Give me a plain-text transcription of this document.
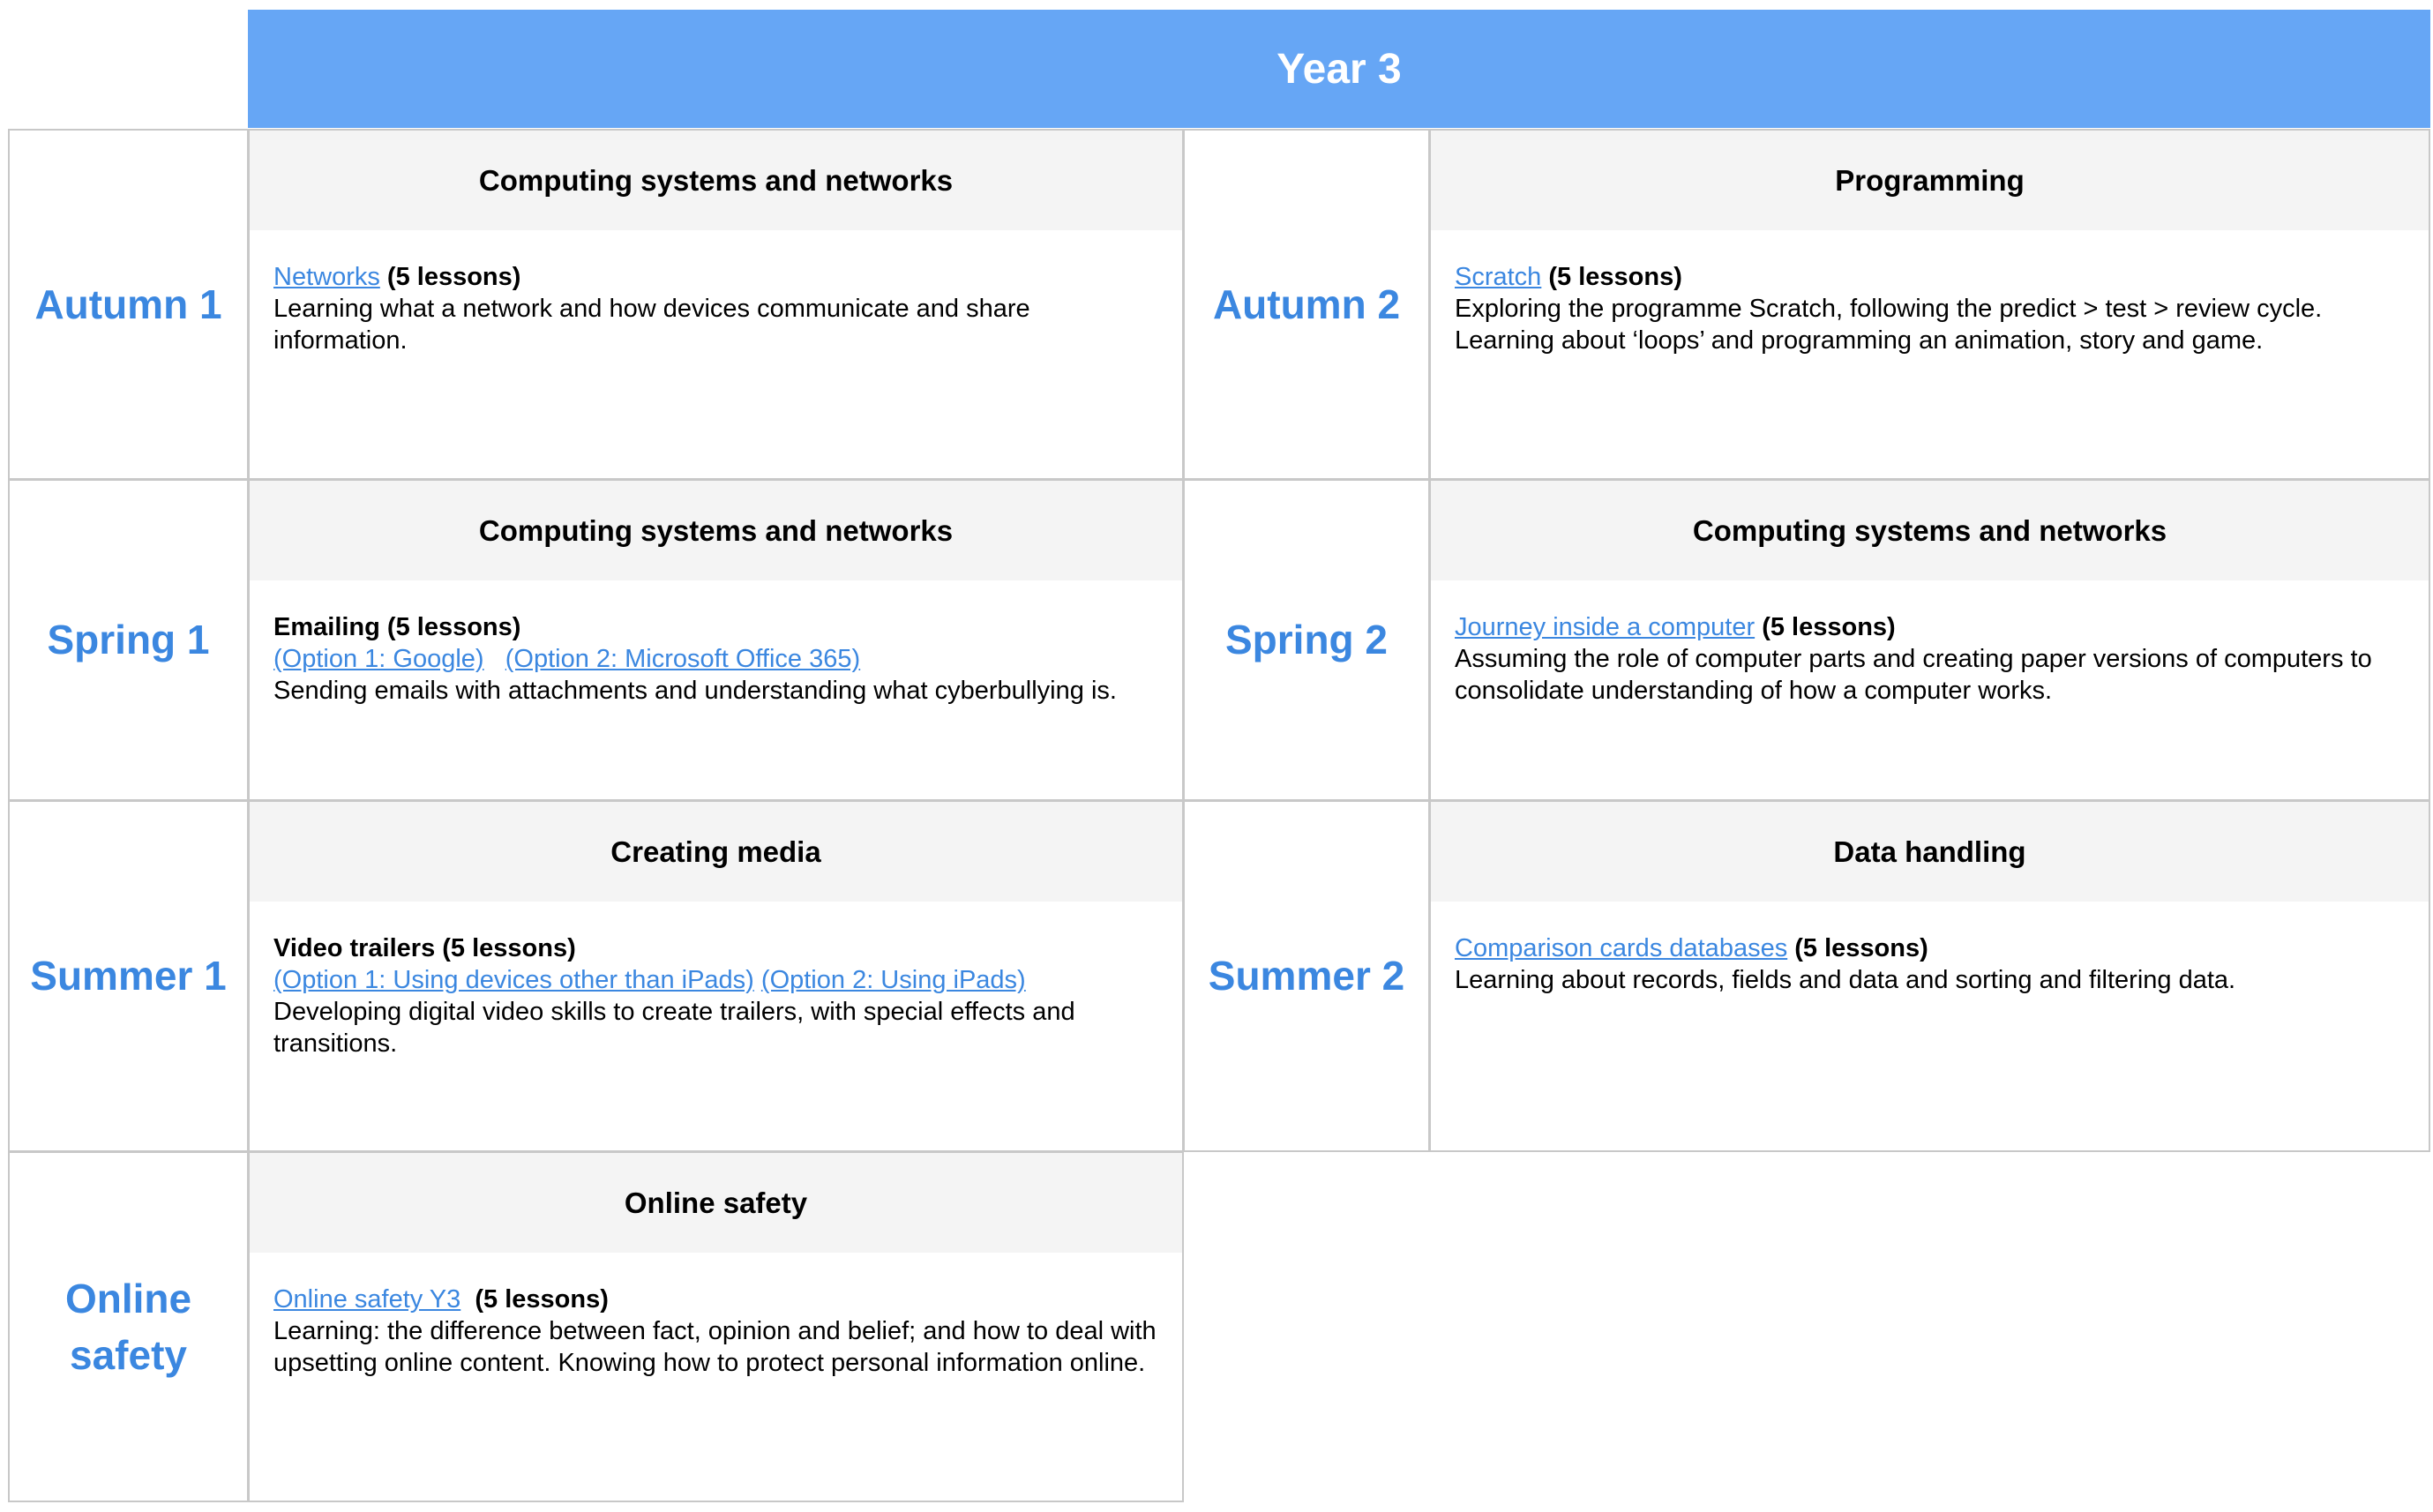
Year 3
Autumn 1
Computing systems and networks
Networks (5 lessons)
Learning what a network and how devices communicate and share information.
Autumn 2
Programming
Scratch (5 lessons)
Exploring the programme Scratch, following the predict > test > review cycle.
Learning about ‘loops’ and programming an animation, story and game.
Spring 1
Computing systems and networks
Emailing (5 lessons)
(Option 1: Google) (Option 2: Microsoft Office 365)
Sending emails with attachments and understanding what cyberbullying is.
Spring 2
Computing systems and networks
Journey inside a computer (5 lessons)
Assuming the role of computer parts and creating paper versions of computers to consolidate understanding of how a computer works.
Summer 1
Creating media
Video trailers (5 lessons)
(Option 1: Using devices other than iPads) (Option 2: Using iPads)
Developing digital video skills to create trailers, with special effects and transitions.
Summer 2
Data handling
Comparison cards databases (5 lessons)
Learning about records, fields and data and sorting and filtering data.
Online
safety
Online safety
Online safety Y3  (5 lessons)
Learning: the difference between fact, opinion and belief; and how to deal with upsetting online content. Knowing how to protect personal information online.
